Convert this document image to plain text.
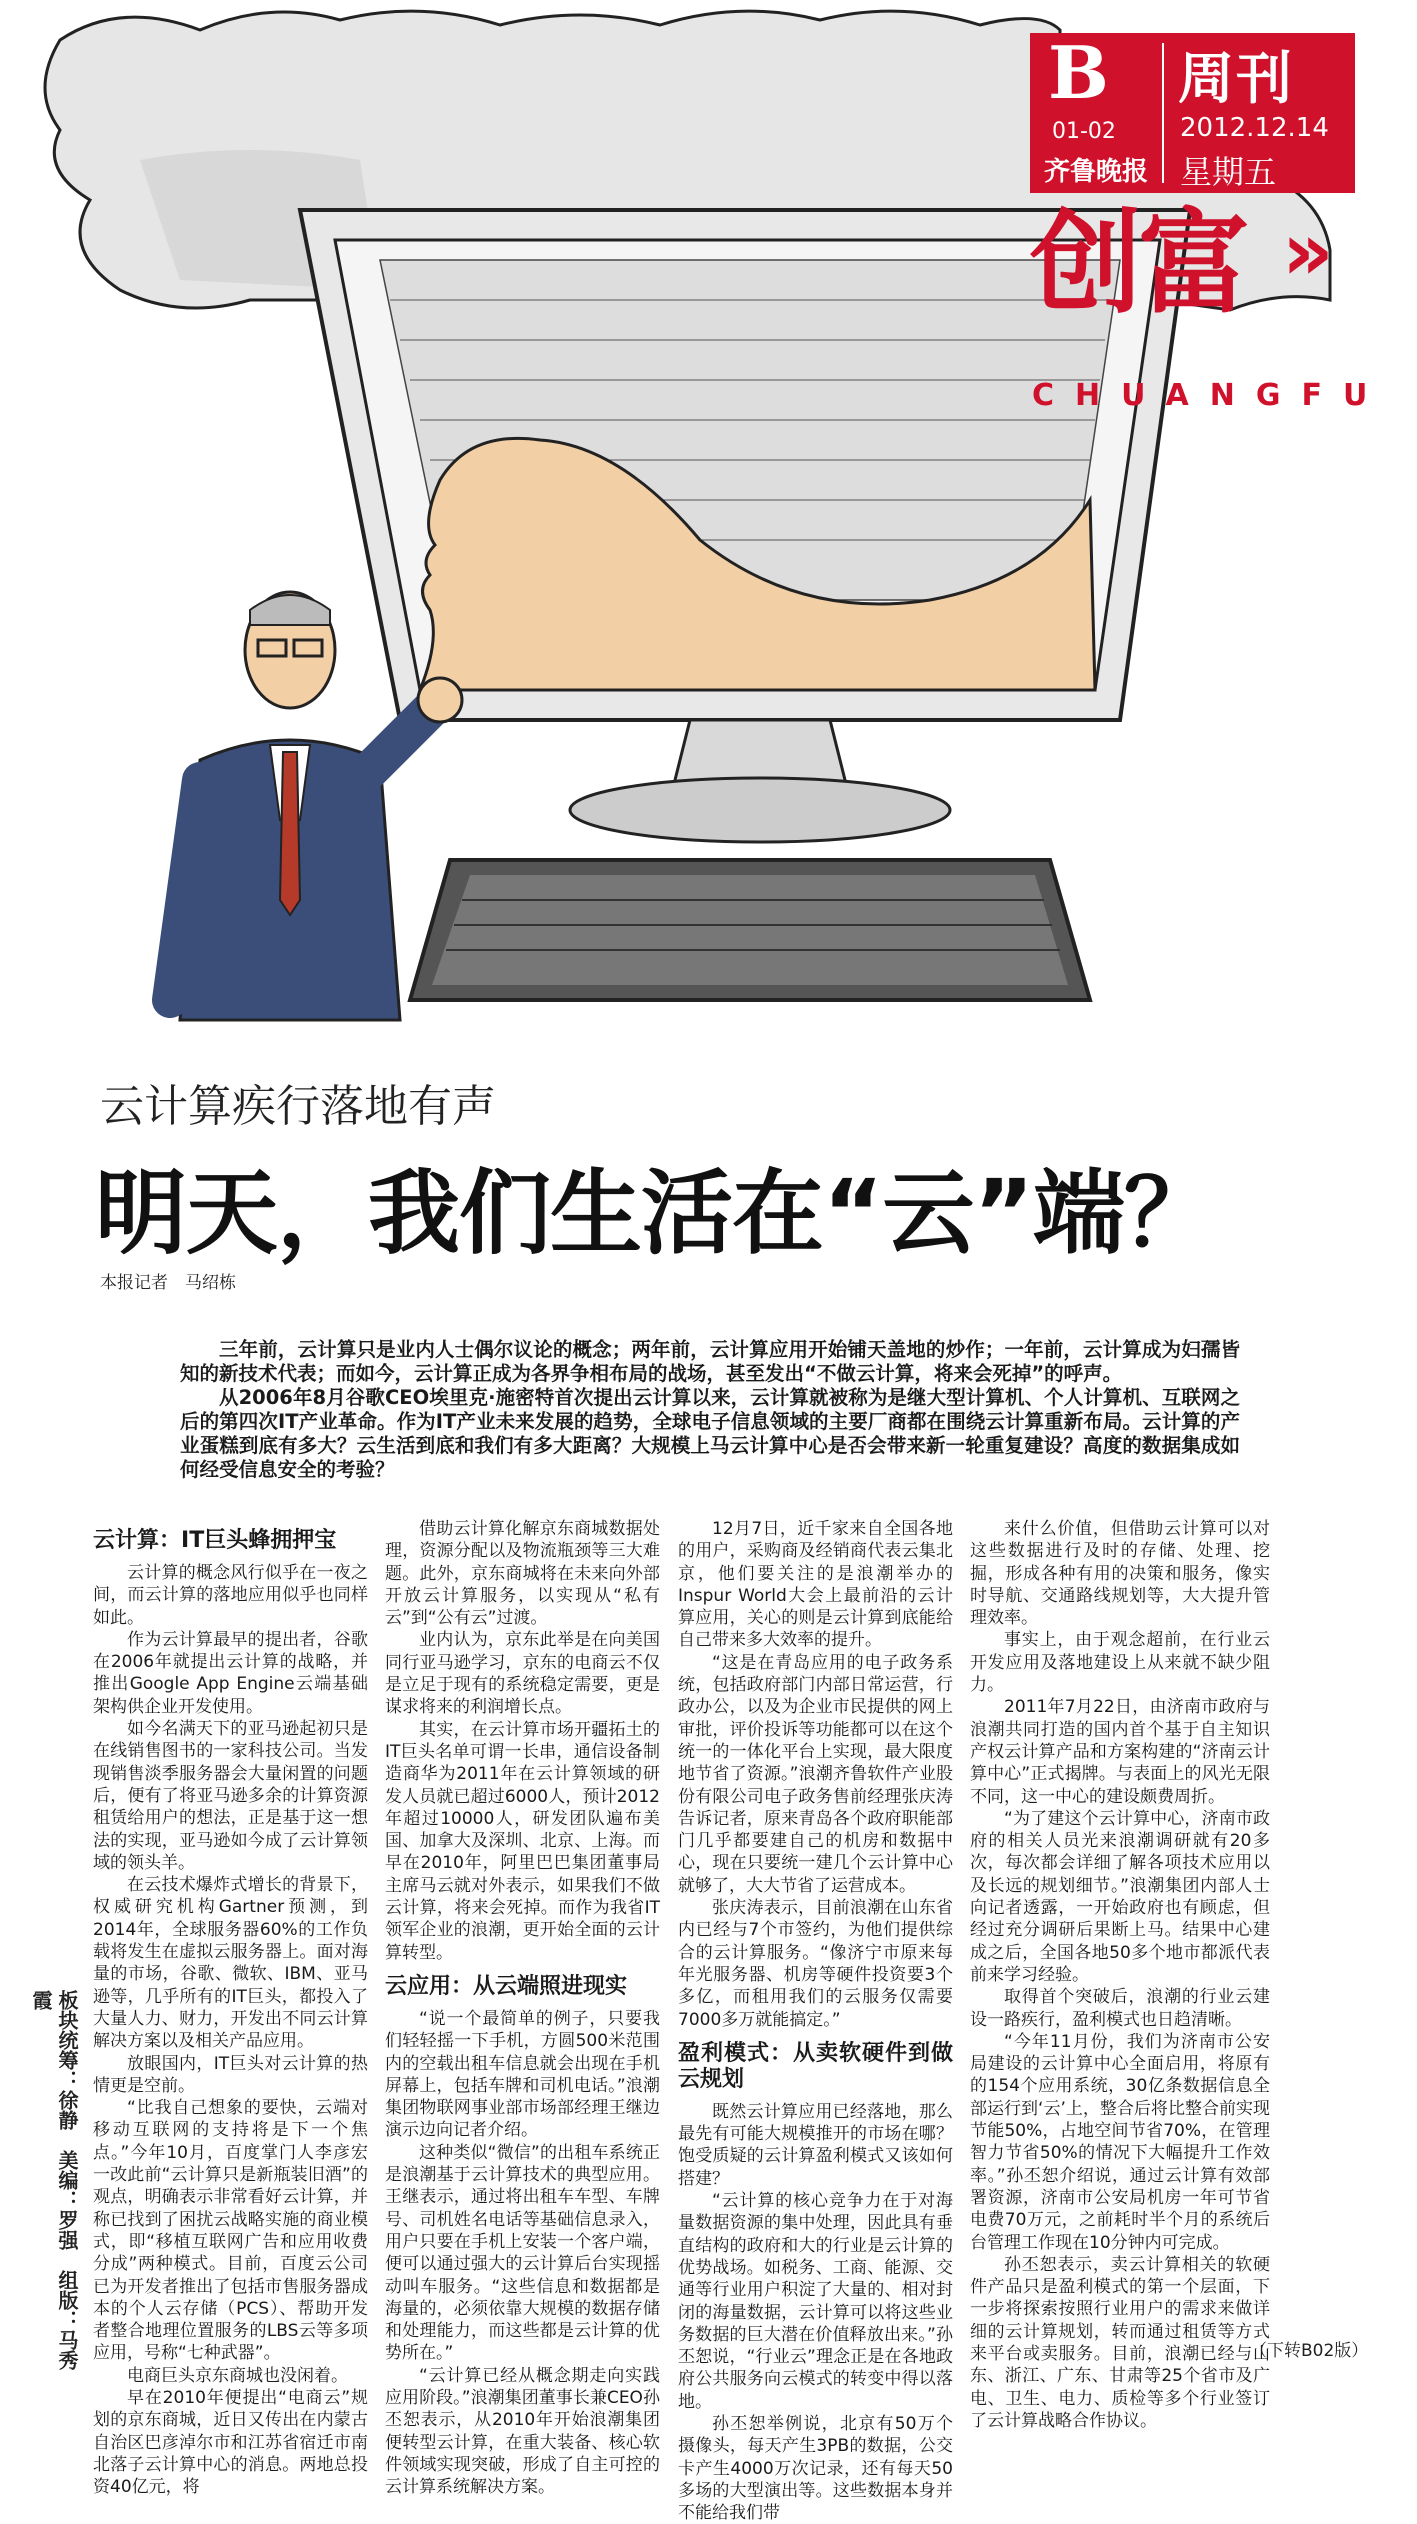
B
01-02
齐鲁晚报
周刊
2012.12.14
星期五
创富 »
CHUANGFU
云计算疾行落地有声
明天，我们生活在“云”端？
本报记者　马绍栋

三年前，云计算只是业内人士偶尔议论的概念；两年前，云计算应用开始铺天盖地的炒作；一年前，云计算成为妇孺皆知的新技术代表；而如今，云计算正成为各界争相布局的战场，甚至发出“不做云计算，将来会死掉”的呼声。

从2006年8月谷歌CEO埃里克·施密特首次提出云计算以来，云计算就被称为是继大型计算机、个人计算机、互联网之后的第四次IT产业革命。作为IT产业未来发展的趋势，全球电子信息领域的主要厂商都在围绕云计算重新布局。云计算的产业蛋糕到底有多大？云生活到底和我们有多大距离？大规模上马云计算中心是否会带来新一轮重复建设？高度的数据集成如何经受信息安全的考验？

云计算：IT巨头蜂拥押宝

云计算的概念风行似乎在一夜之间，而云计算的落地应用似乎也同样如此。

作为云计算最早的提出者，谷歌在2006年就提出云计算的战略，并推出Google App Engine云端基础架构供企业开发使用。

如今名满天下的亚马逊起初只是在线销售图书的一家科技公司。当发现销售淡季服务器会大量闲置的问题后，便有了将亚马逊多余的计算资源租赁给用户的想法，正是基于这一想法的实现，亚马逊如今成了云计算领域的领头羊。

在云技术爆炸式增长的背景下，权威研究机构Gartner预测，到2014年，全球服务器60%的工作负载将发生在虚拟云服务器上。面对海量的市场，谷歌、微软、IBM、亚马逊等，几乎所有的IT巨头，都投入了大量人力、财力，开发出不同云计算解决方案以及相关产品应用。

放眼国内，IT巨头对云计算的热情更是空前。

“比我自己想象的要快，云端对移动互联网的支持将是下一个焦点。”今年10月，百度掌门人李彦宏一改此前“云计算只是新瓶装旧酒”的观点，明确表示非常看好云计算，并称已找到了困扰云战略实施的商业模式，即“移植互联网广告和应用收费分成”两种模式。目前，百度云公司已为开发者推出了包括市售服务器成本的个人云存储（PCS）、帮助开发者整合地理位置服务的LBS云等多项应用，号称“七种武器”。

电商巨头京东商城也没闲着。

早在2010年便提出“电商云”规划的京东商城，近日又传出在内蒙古自治区巴彦淖尔市和江苏省宿迁市南北落子云计算中心的消息。两地总投资40亿元，将

借助云计算化解京东商城数据处理，资源分配以及物流瓶颈等三大难题。此外，京东商城将在未来向外部开放云计算服务，以实现从“私有云”到“公有云”过渡。

业内认为，京东此举是在向美国同行亚马逊学习，京东的电商云不仅是立足于现有的系统稳定需要，更是谋求将来的利润增长点。

其实，在云计算市场开疆拓土的IT巨头名单可谓一长串，通信设备制造商华为2011年在云计算领域的研发人员就已超过6000人，预计2012年超过10000人，研发团队遍布美国、加拿大及深圳、北京、上海。而早在2010年，阿里巴巴集团董事局主席马云就对外表示，如果我们不做云计算，将来会死掉。而作为我省IT领军企业的浪潮，更开始全面的云计算转型。

云应用：从云端照进现实

“说一个最简单的例子，只要我们轻轻摇一下手机，方圆500米范围内的空载出租车信息就会出现在手机屏幕上，包括车牌和司机电话。”浪潮集团物联网事业部市场部经理王继边演示边向记者介绍。

这种类似“微信”的出租车系统正是浪潮基于云计算技术的典型应用。王继表示，通过将出租车车型、车牌号、司机姓名电话等基础信息录入，用户只要在手机上安装一个客户端，便可以通过强大的云计算后台实现摇动叫车服务。“这些信息和数据都是海量的，必须依靠大规模的数据存储和处理能力，而这些都是云计算的优势所在。”

“云计算已经从概念期走向实践应用阶段。”浪潮集团董事长兼CEO孙丕恕表示，从2010年开始浪潮集团便转型云计算，在重大装备、核心软件领域实现突破，形成了自主可控的云计算系统解决方案。

12月7日，近千家来自全国各地的用户，采购商及经销商代表云集北京，他们要关注的是浪潮举办的Inspur World大会上最前沿的云计算应用，关心的则是云计算到底能给自己带来多大效率的提升。

“这是在青岛应用的电子政务系统，包括政府部门内部日常运营，行政办公，以及为企业市民提供的网上审批，评价投诉等功能都可以在这个统一的一体化平台上实现，最大限度地节省了资源。”浪潮齐鲁软件产业股份有限公司电子政务售前经理张庆涛告诉记者，原来青岛各个政府职能部门几乎都要建自己的机房和数据中心，现在只要统一建几个云计算中心就够了，大大节省了运营成本。

张庆涛表示，目前浪潮在山东省内已经与7个市签约，为他们提供综合的云计算服务。“像济宁市原来每年光服务器、机房等硬件投资要3个多亿，而租用我们的云服务仅需要7000多万就能搞定。”

盈利模式：从卖软硬件到做云规划

既然云计算应用已经落地，那么最先有可能大规模推开的市场在哪？饱受质疑的云计算盈利模式又该如何搭建？

“云计算的核心竞争力在于对海量数据资源的集中处理，因此具有垂直结构的政府和大的行业是云计算的优势战场。如税务、工商、能源、交通等行业用户积淀了大量的、相对封闭的海量数据，云计算可以将这些业务数据的巨大潜在价值释放出来。”孙丕恕说，“行业云”理念正是在各地政府公共服务向云模式的转变中得以落地。

孙丕恕举例说，北京有50万个摄像头，每天产生3PB的数据，公交卡产生4000万次记录，还有每天50多场的大型演出等。这些数据本身并不能给我们带

来什么价值，但借助云计算可以对这些数据进行及时的存储、处理、挖掘，形成各种有用的决策和服务，像实时导航、交通路线规划等，大大提升管理效率。

事实上，由于观念超前，在行业云开发应用及落地建设上从来就不缺少阻力。

2011年7月22日，由济南市政府与浪潮共同打造的国内首个基于自主知识产权云计算产品和方案构建的“济南云计算中心”正式揭牌。与表面上的风光无限不同，这一中心的建设颇费周折。

“为了建这个云计算中心，济南市政府的相关人员光来浪潮调研就有20多次，每次都会详细了解各项技术应用以及长远的规划细节。”浪潮集团内部人士向记者透露，一开始政府也有顾虑，但经过充分调研后果断上马。结果中心建成之后，全国各地50多个地市都派代表前来学习经验。

取得首个突破后，浪潮的行业云建设一路疾行，盈利模式也日趋清晰。

“今年11月份，我们为济南市公安局建设的云计算中心全面启用，将原有的154个应用系统，30亿条数据信息全部运行到‘云’上，整合后将比整合前实现节能50%，占地空间节省70%，在管理智力节省50%的情况下大幅提升工作效率。”孙丕恕介绍说，通过云计算有效部署资源，济南市公安局机房一年可节省电费70万元，之前耗时半个月的系统后台管理工作现在10分钟内可完成。

孙丕恕表示，卖云计算相关的软硬件产品只是盈利模式的第一个层面，下一步将探索按照行业用户的需求来做详细的云计算规划，转而通过租赁等方式来平台或卖服务。目前，浪潮已经与山东、浙江、广东、甘肃等25个省市及广电、卫生、电力、质检等多个行业签订了云计算战略合作协议。

板块统筹：徐静　美编：罗强　组版：马秀霞
（下转B02版）
